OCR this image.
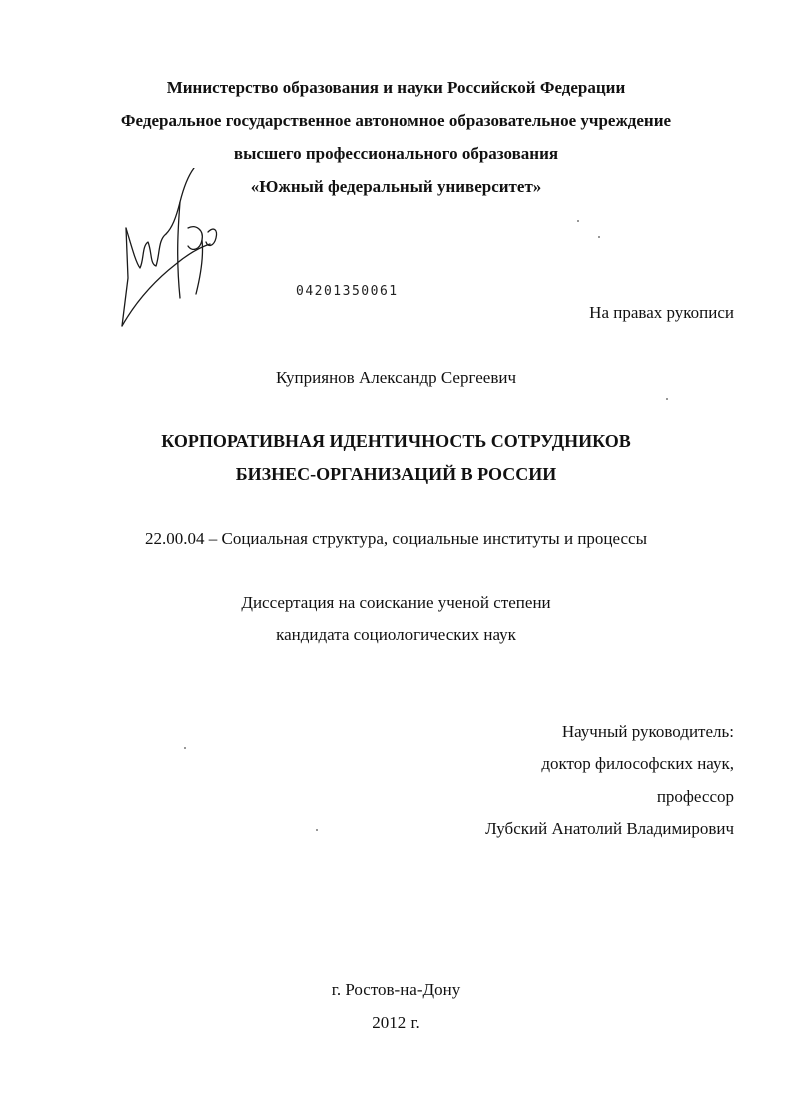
Министерство образования и науки Российской Федерации
Федеральное государственное автономное образовательное учреждение
высшего профессионального образования
«Южный федеральный университет»
04201350061
На правах рукописи
Куприянов Александр Сергеевич
КОРПОРАТИВНАЯ ИДЕНТИЧНОСТЬ СОТРУДНИКОВ
БИЗНЕС-ОРГАНИЗАЦИЙ В РОССИИ
22.00.04 – Социальная структура, социальные институты и процессы
Диссертация на соискание ученой степени
кандидата социологических наук
Научный руководитель:
доктор философских наук,
профессор
Лубский Анатолий Владимирович
г. Ростов-на-Дону
2012 г.
